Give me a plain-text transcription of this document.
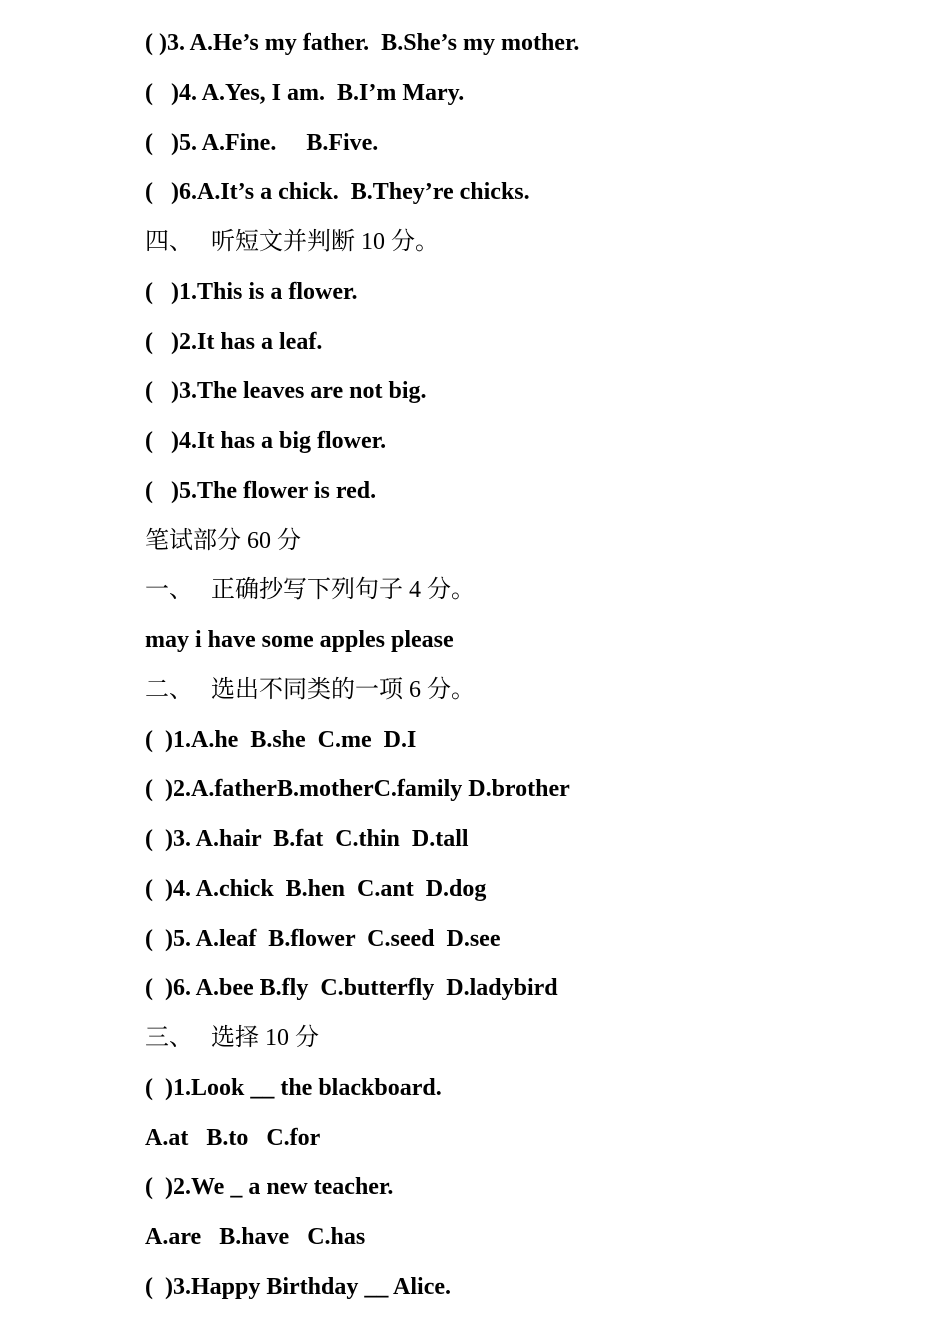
( )3. A.He’s my father.  B.She’s my mother.

(   )4. A.Yes, I am.  B.I’m Mary.

(   )5. A.Fine.     B.Five.

(   )6.A.It’s a chick.  B.They’re chicks.

四、   听短文并判断 10 分。

(   )1.This is a flower.

(   )2.It has a leaf.

(   )3.The leaves are not big.

(   )4.It has a big flower.

(   )5.The flower is red.

笔试部分 60 分

一、   正确抄写下列句子 4 分。

may i have some apples please

二、   选出不同类的一项 6 分。

(  )1.A.he  B.she  C.me  D.I

(  )2.A.fatherB.motherC.family D.brother

(  )3. A.hair  B.fat  C.thin  D.tall

(  )4. A.chick  B.hen  C.ant  D.dog

(  )5. A.leaf  B.flower  C.seed  D.see

(  )6. A.bee B.fly  C.butterfly  D.ladybird

三、   选择 10 分

(  )1.Look __ the blackboard.

A.at   B.to   C.for

(  )2.We _ a new teacher.

A.are   B.have   C.has

(  )3.Happy Birthday __ Alice.
